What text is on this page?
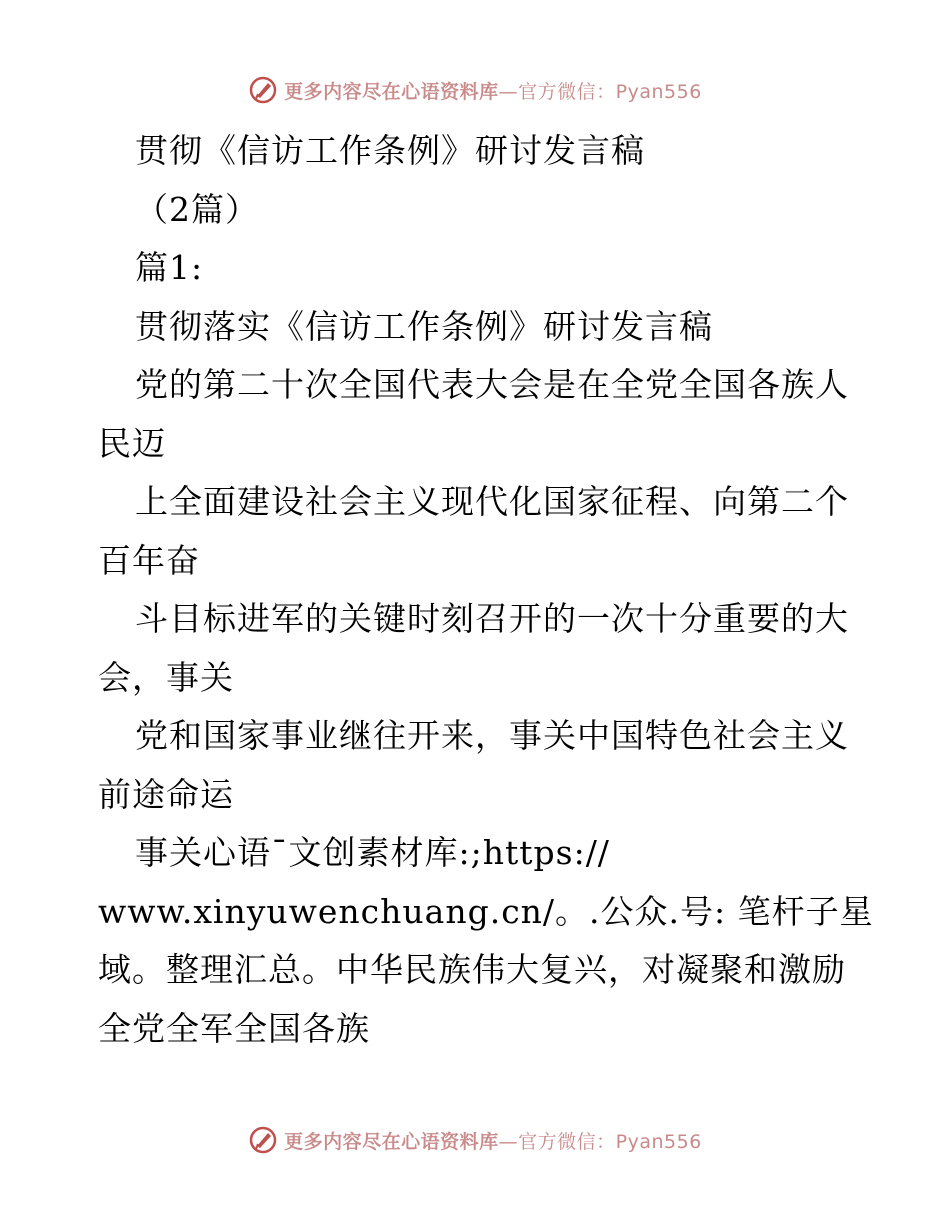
更多内容尽在心语资料库—官方微信：Pyan556
贯彻《信访工作条例》研讨发言稿
（2篇）
篇1:
贯彻落实《信访工作条例》研讨发言稿
党的第二十次全国代表大会是在全党全国各族人
民迈
上全面建设社会主义现代化国家征程、向第二个
百年奋
斗目标进军的关键时刻召开的一次十分重要的大
会，事关
党和国家事业继往开来，事关中国特色社会主义
前途命运
事关心语¯文创素材库:;https://
www.xinyuwenchuang.cn/。.公众.号: 笔杆子星
域。整理汇总。中华民族伟大复兴，对凝聚和激励
全党全军全国各族
更多内容尽在心语资料库—官方微信：Pyan556
